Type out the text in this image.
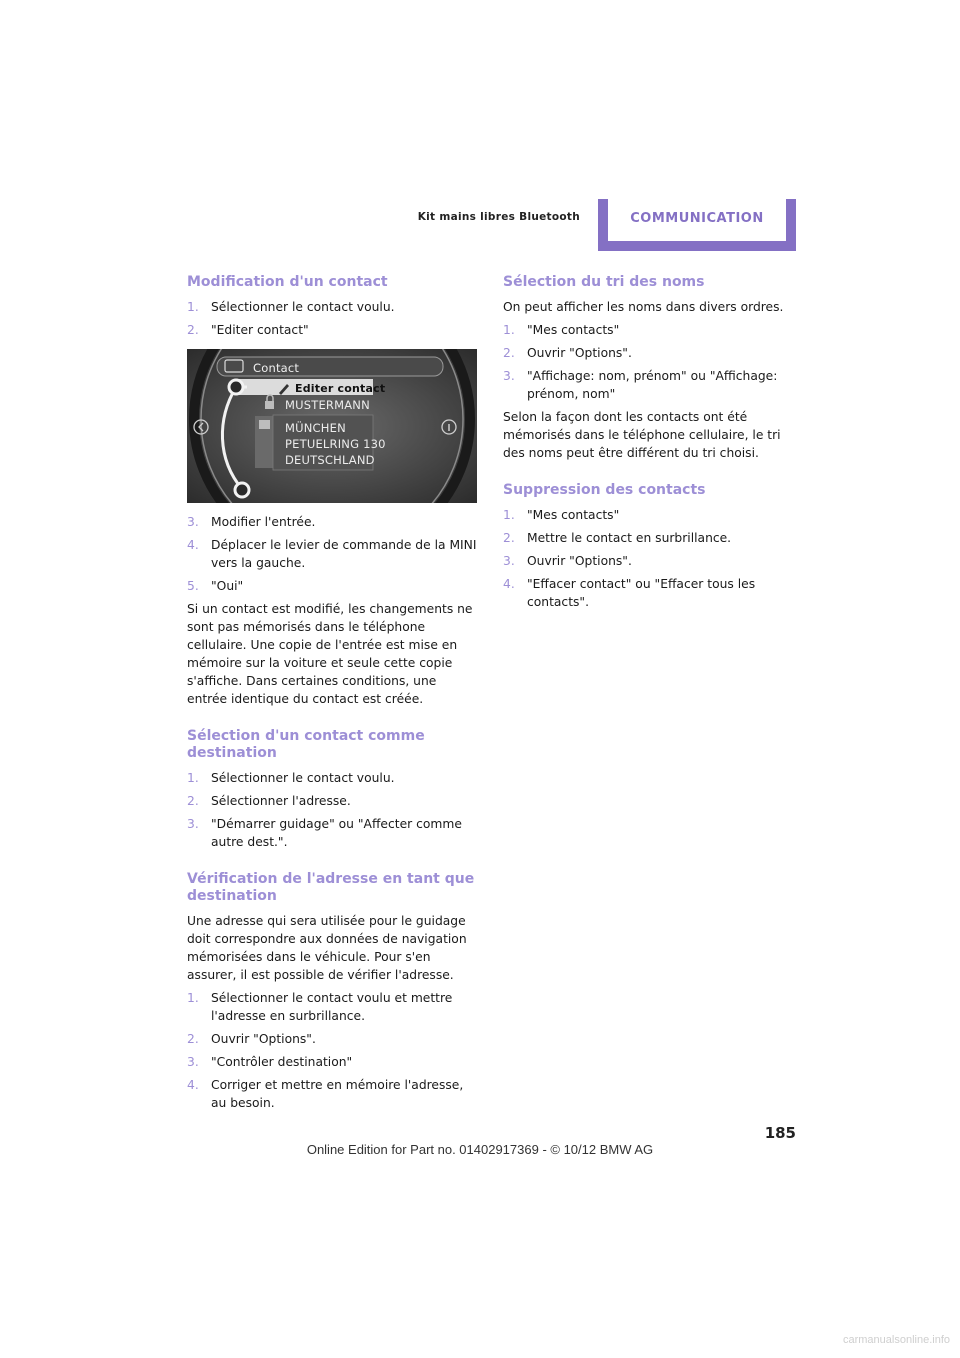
Kit mains libres Bluetooth	COMMUNICATION
Modification d'un contact
1. Sélectionner le contact voulu.
2. "Editer contact"
Contact
Editer contact
MUSTERMANN
MÜNCHEN
PETUELRING 130
DEUTSCHLAND
3. Modifier l'entrée.
4. Déplacer le levier de commande de la MINI vers la gauche.
5. "Oui"

Si un contact est modifié, les changements ne sont pas mémorisés dans le téléphone cellulaire. Une copie de l'entrée est mise en mémoire sur la voiture et seule cette copie s'affiche. Dans certaines conditions, une entrée identique du contact est créée.

Sélection d'un contact comme destination
1. Sélectionner le contact voulu.
2. Sélectionner l'adresse.
3. "Démarrer guidage" ou "Affecter comme autre dest.".
Vérification de l'adresse en tant que destination

Une adresse qui sera utilisée pour le guidage doit correspondre aux données de navigation mémorisées dans le véhicule. Pour s'en assurer, il est possible de vérifier l'adresse.

1. Sélectionner le contact voulu et mettre l'adresse en surbrillance.
2. Ouvrir "Options".
3. "Contrôler destination"
4. Corriger et mettre en mémoire l'adresse, au besoin.
Sélection du tri des noms

On peut afficher les noms dans divers ordres.

1. "Mes contacts"
2. Ouvrir "Options".
3. "Affichage: nom, prénom" ou "Affichage: prénom, nom"

Selon la façon dont les contacts ont été mémorisés dans le téléphone cellulaire, le tri des noms peut être différent du tri choisi.

Suppression des contacts
1. "Mes contacts"
2. Mettre le contact en surbrillance.
3. Ouvrir "Options".
4. "Effacer contact" ou "Effacer tous les contacts".
185
Online Edition for Part no. 01402917369 - © 10/12 BMW AG
carmanualsonline.info
